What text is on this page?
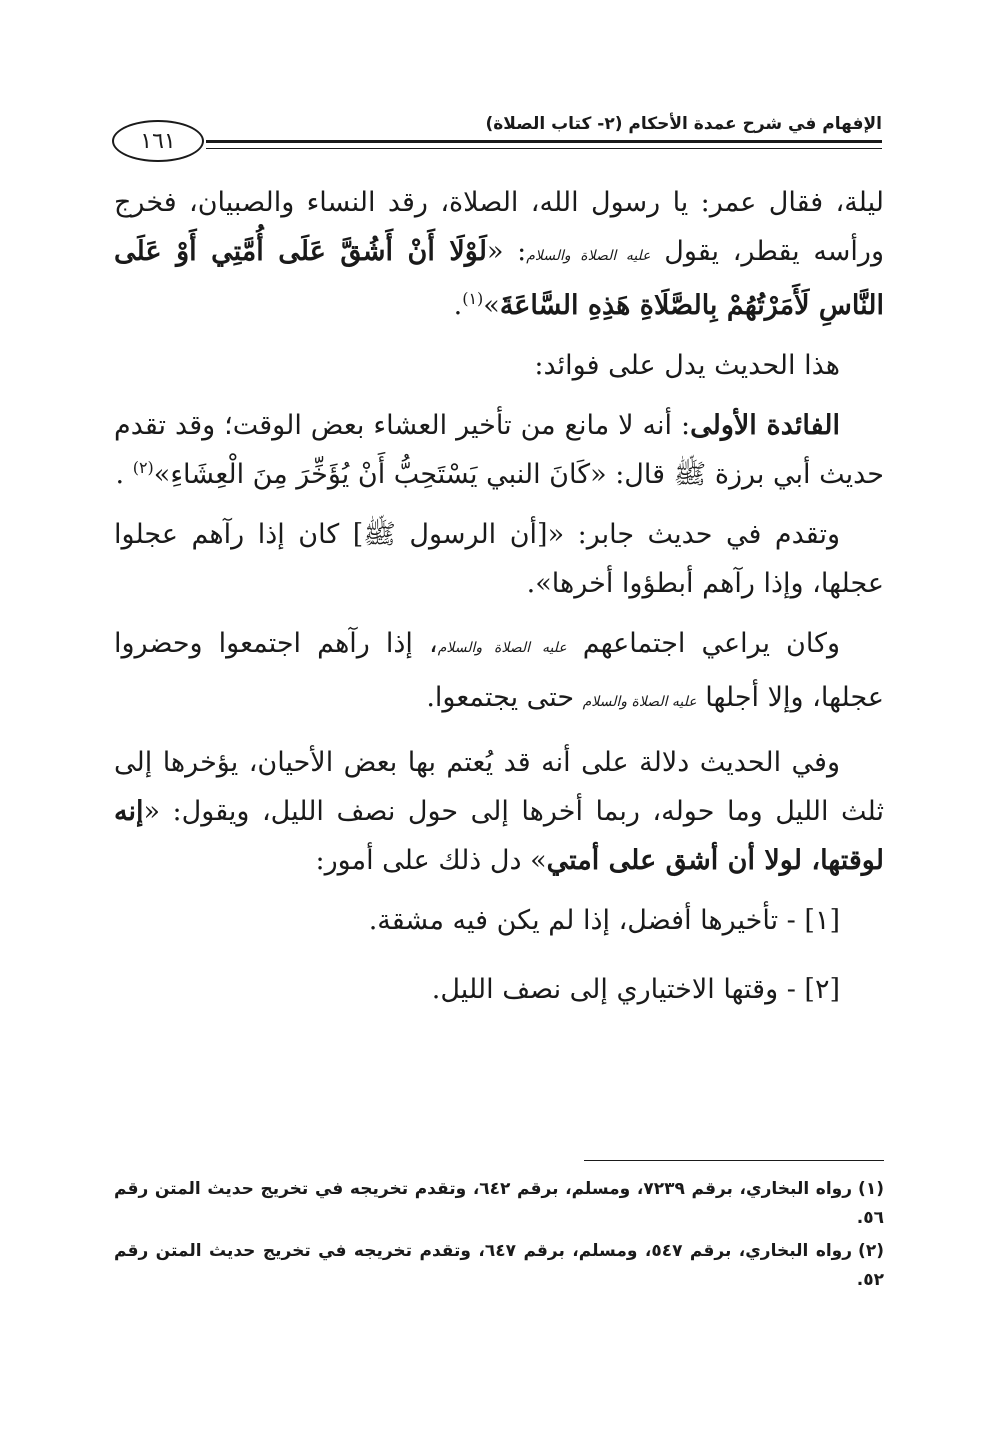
الإفهام في شرح عمدة الأحكام (٢- كتاب الصلاة)
١٦١

ليلة، فقال عمر: يا رسول الله، الصلاة، رقد النساء والصبيان، فخرج ورأسه يقطر، يقول عليه الصلاة والسلام: «لَوْلَا أَنْ أَشُقَّ عَلَى أُمَّتِي أَوْ عَلَى النَّاسِ لَأَمَرْتُهُمْ بِالصَّلَاةِ هَذِهِ السَّاعَةَ»$^{(١)}$.

هذا الحديث يدل على فوائد:

الفائدة الأولى: أنه لا مانع من تأخير العشاء بعض الوقت؛ وقد تقدم حديث أبي برزة ﷺ قال: «كَانَ النبي يَسْتَحِبُّ أَنْ يُؤَخِّرَ مِنَ الْعِشَاءِ»$^{(٢)}$ .

وتقدم في حديث جابر: «[أن الرسول ﷺ] كان إذا رآهم عجلوا عجلها، وإذا رآهم أبطؤوا أخرها».

وكان يراعي اجتماعهم عليه الصلاة والسلام، إذا رآهم اجتمعوا وحضروا عجلها، وإلا أجلها عليه الصلاة والسلام حتى يجتمعوا.

وفي الحديث دلالة على أنه قد يُعتم بها بعض الأحيان، يؤخرها إلى ثلث الليل وما حوله، ربما أخرها إلى حول نصف الليل، ويقول: «إنه لوقتها، لولا أن أشق على أمتي» دل ذلك على أمور:

[١] - تأخيرها أفضل، إذا لم يكن فيه مشقة.
[٢] - وقتها الاختياري إلى نصف الليل.

(١)رواه البخاري، برقم ٧٢٣٩، ومسلم، برقم ٦٤٢، وتقدم تخريجه في تخريج حديث المتن رقم ٥٦.

(٢)رواه البخاري، برقم ٥٤٧، ومسلم، برقم ٦٤٧، وتقدم تخريجه في تخريج حديث المتن رقم ٥٢.
